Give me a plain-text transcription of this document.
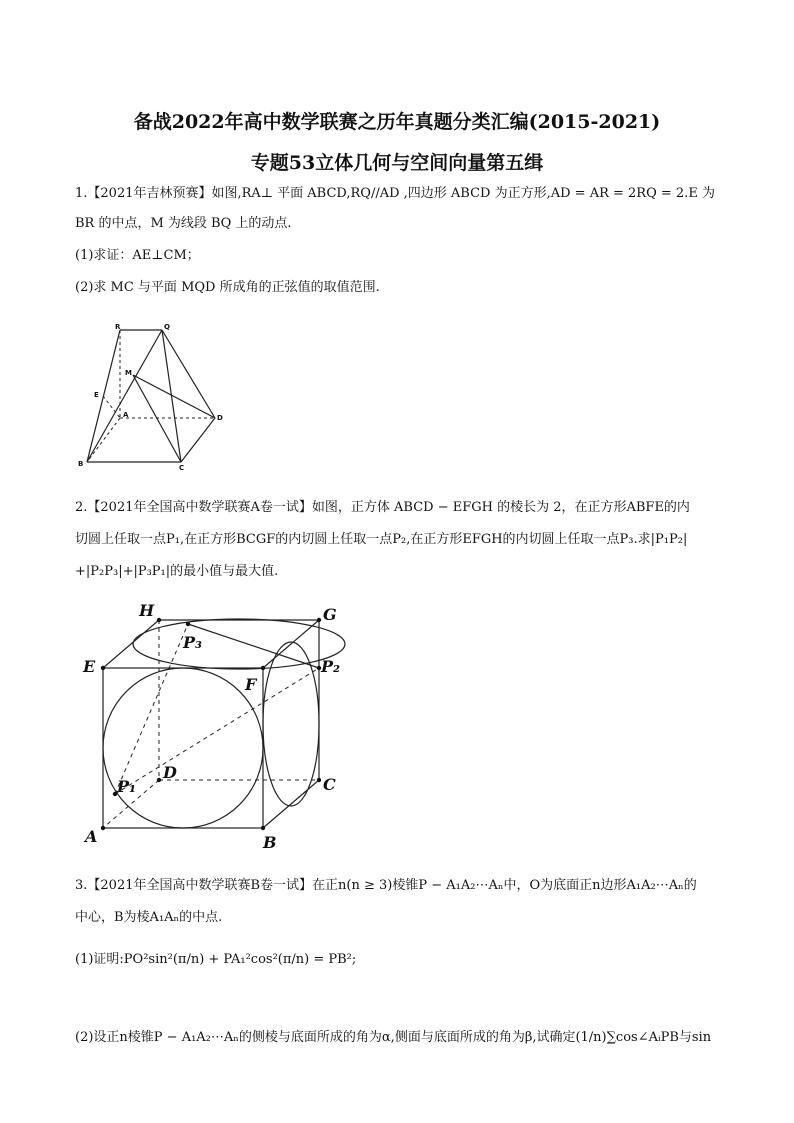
备战2022年高中数学联赛之历年真题分类汇编(2015-2021)
专题53立体几何与空间向量第五缉
1.【2021年吉林预赛】如图,RA⊥ 平面 ABCD,RQ//AD ,四边形 ABCD 为正方形,AD = AR = 2RQ = 2.E 为
BR 的中点，M 为线段 BQ 上的动点.
(1)求证：AE⊥CM；
(2)求 MC 与平面 MQD 所成角的正弦值的取值范围.
R	Q
M
E
A	D
B	C
2.【2021年全国高中数学联赛A卷一试】如图，正方体 ABCD − EFGH 的棱长为 2，在正方形ABFE的内
切圆上任取一点P₁,在正方形BCGF的内切圆上任取一点P₂,在正方形EFGH的内切圆上任取一点P₃.求|P₁P₂|
+|P₂P₃|+|P₃P₁|的最小值与最大值.
H	G
P₃
E	P₂
F
D
C
P₁
A	B
3.【2021年全国高中数学联赛B卷一试】在正n(n ≥ 3)棱锥P − A₁A₂⋯Aₙ中，O为底面正n边形A₁A₂⋯Aₙ的
中心，B为棱A₁Aₙ的中点.
(1)证明:PO²sin²(π/n) + PA₁²cos²(π/n) = PB²;
(2)设正n棱锥P − A₁A₂⋯Aₙ的侧棱与底面所成的角为α,侧面与底面所成的角为β,试确定(1/n)∑cos∠AᵢPB与sin
